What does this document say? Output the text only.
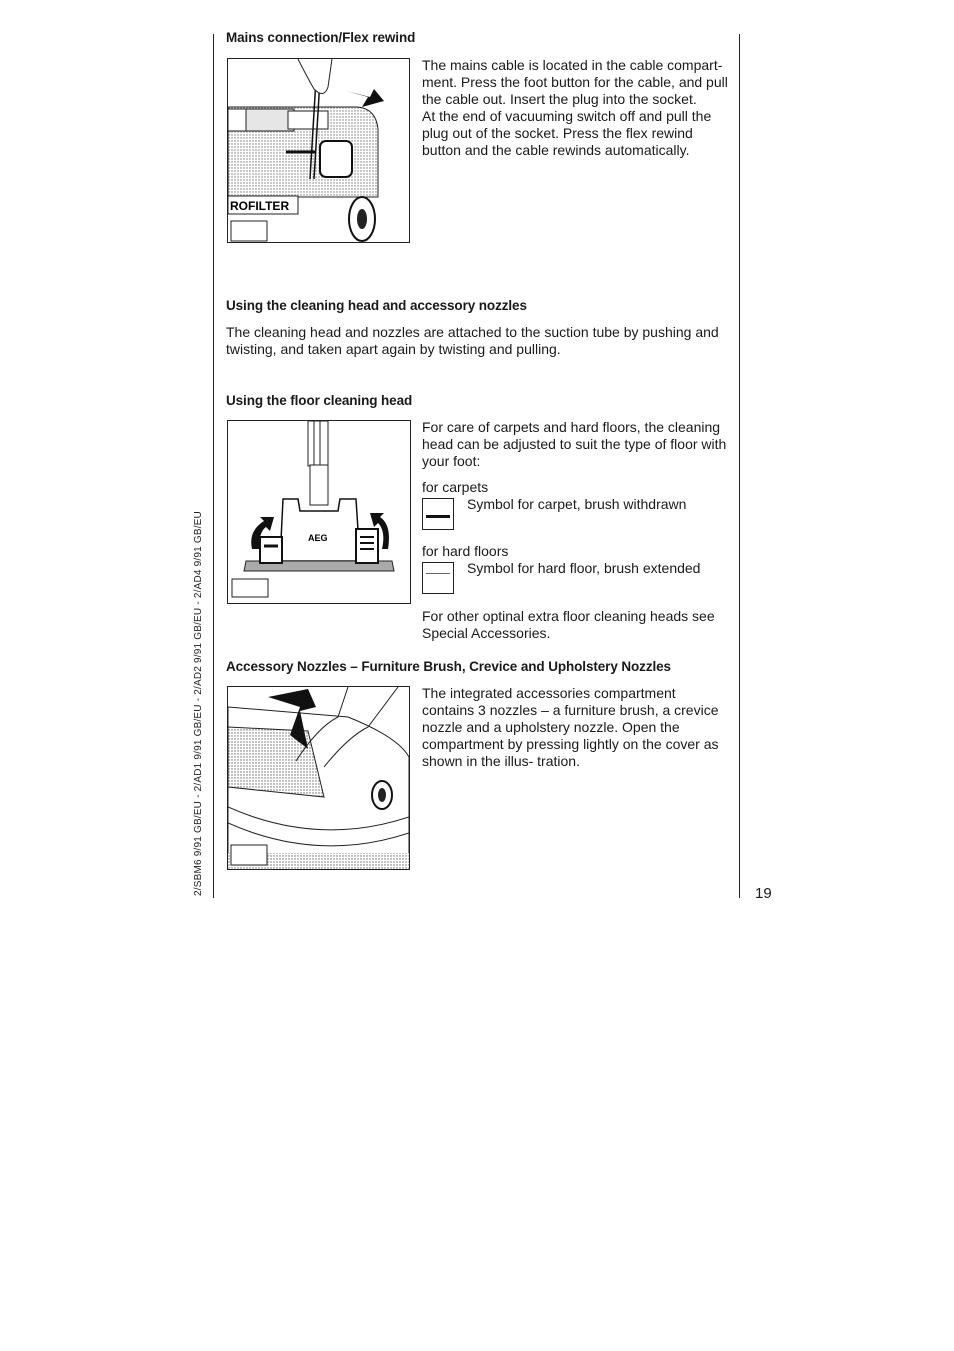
2/SBM6 9/91 GB/EU - 2/AD1 9/91 GB/EU - 2/AD2 9/91 GB/EU - 2/AD4 9/91 GB/EU
Mains connection/Flex rewind
ROFILTER
The mains cable is located in the cable compart- ment. Press the foot button for the cable, and pull the cable out. Insert the plug into the socket.
At the end of vacuuming switch off and pull the plug out of the socket. Press the flex rewind button and the cable rewinds automatically.
Using the cleaning head and accessory nozzles
The cleaning head and nozzles are attached to the suction tube by pushing and twisting, and taken apart again by twisting and pulling.
Using the floor cleaning head
AEG
For care of carpets and hard floors, the cleaning head can be adjusted to suit the type of floor with your foot:
for carpets
Symbol for carpet, brush withdrawn
for hard floors
Symbol for hard floor, brush extended
For other optinal extra floor cleaning heads see Special Accessories.
Accessory Nozzles – Furniture Brush, Crevice and Upholstery Nozzles
The integrated accessories compartment contains 3 nozzles – a furniture brush, a crevice nozzle and a upholstery nozzle. Open the compartment by pressing lightly on the cover as shown in the illus- tration.
19
